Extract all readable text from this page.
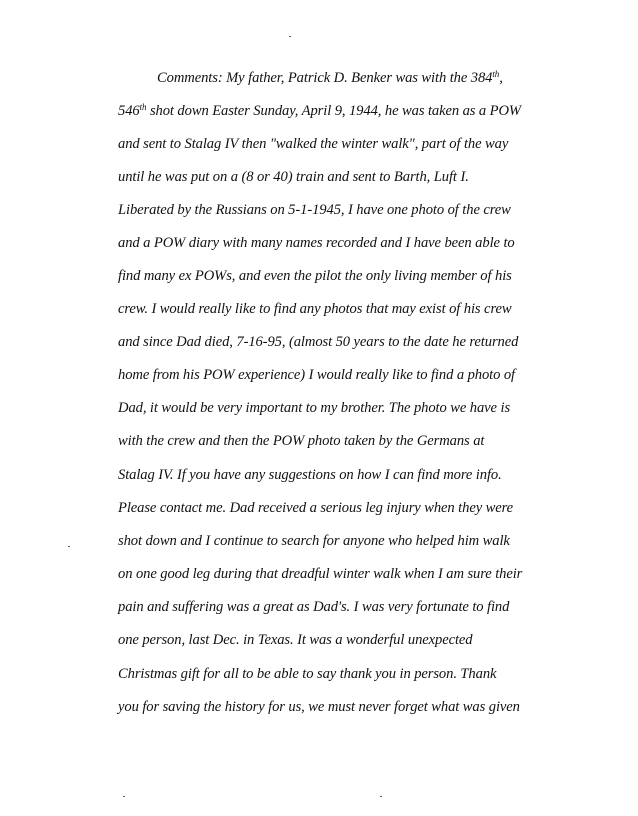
Comments: My father, Patrick D. Benker was with the 384th,
546th shot down Easter Sunday, April 9, 1944, he was taken as a POW
and sent to Stalag IV then "walked the winter walk", part of the way
until he was put on a (8 or 40) train and sent to Barth, Luft I.
Liberated by the Russians on 5-1-1945, I have one photo of the crew
and a POW diary with many names recorded and I have been able to
find many ex POWs, and even the pilot the only living member of his
crew. I would really like to find any photos that may exist of his crew
and since Dad died, 7-16-95, (almost 50 years to the date he returned
home from his POW experience) I would really like to find a photo of
Dad, it would be very important to my brother. The photo we have is
with the crew and then the POW photo taken by the Germans at
Stalag IV. If you have any suggestions on how I can find more info.
Please contact me. Dad received a serious leg injury when they were
shot down and I continue to search for anyone who helped him walk
on one good leg during that dreadful winter walk when I am sure their
pain and suffering was a great as Dad's. I was very fortunate to find
one person, last Dec. in Texas. It was a wonderful unexpected
Christmas gift for all to be able to say thank you in person. Thank
you for saving the history for us, we must never forget what was given
